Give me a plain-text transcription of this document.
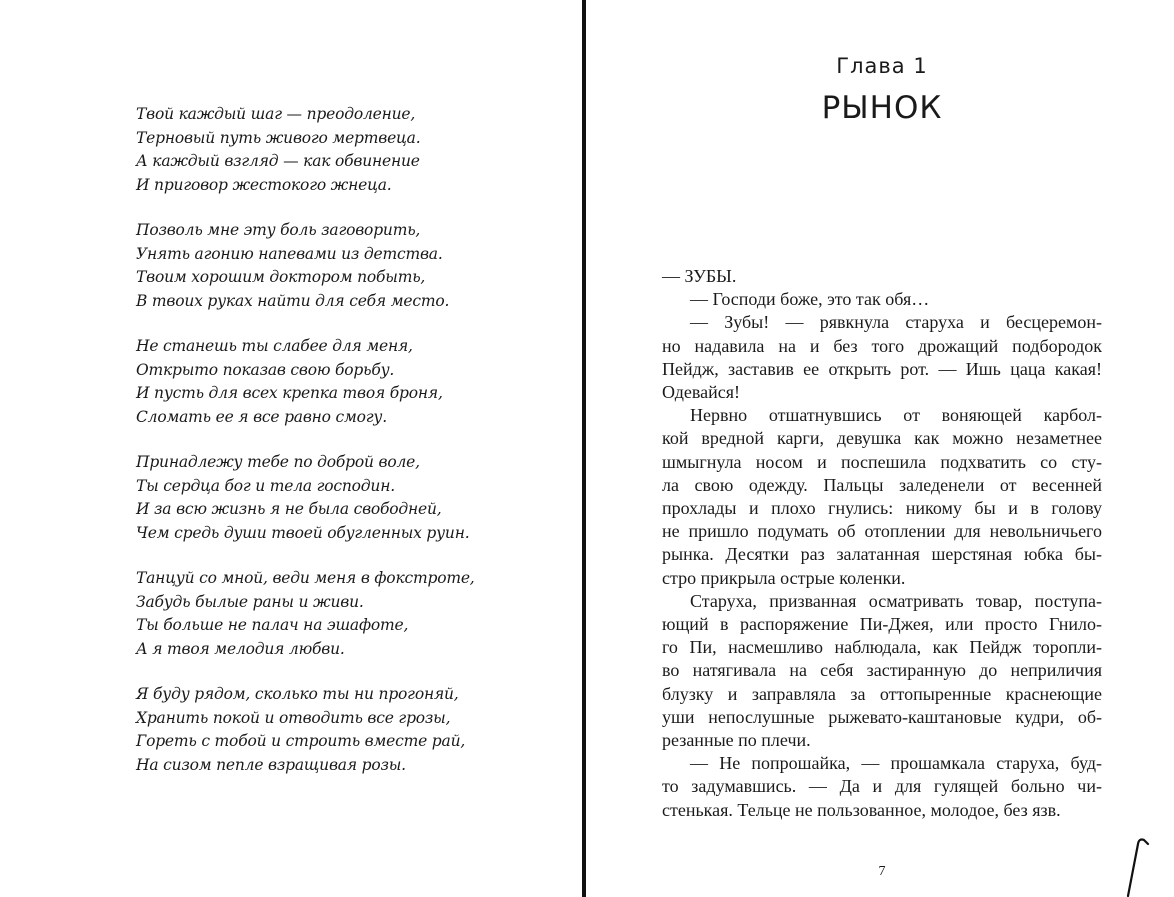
Твой каждый шаг — преодоление,
Терновый путь живого мертвеца.
А каждый взгляд — как обвинение
И приговор жестокого жнеца.
Позволь мне эту боль заговорить,
Унять агонию напевами из детства.
Твоим хорошим доктором побыть,
В твоих руках найти для себя место.
Не станешь ты слабее для меня,
Открыто показав свою борьбу.
И пусть для всех крепка твоя броня,
Сломать ее я все равно смогу.
Принадлежу тебе по доброй воле,
Ты сердца бог и тела господин.
И за всю жизнь я не была свободней,
Чем средь души твоей обугленных руин.
Танцуй со мной, веди меня в фокстроте,
Забудь былые раны и живи.
Ты больше не палач на эшафоте,
А я твоя мелодия любви.
Я буду рядом, сколько ты ни прогоняй,
Хранить покой и отводить все грозы,
Гореть с тобой и строить вместе рай,
На сизом пепле взращивая розы.
Глава 1
РЫНОК
— ЗУБЫ.
— Господи боже, это так обя…
— Зубы! — рявкнула старуха и бесцеремон-
но надавила на и без того дрожащий подбородок
Пейдж, заставив ее открыть рот. — Ишь цаца какая!
Одевайся!
Нервно отшатнувшись от воняющей карбол-
кой вредной карги, девушка как можно незаметнее
шмыгнула носом и поспешила подхватить со сту-
ла свою одежду. Пальцы заледенели от весенней
прохлады и плохо гнулись: никому бы и в голову
не пришло подумать об отоплении для невольничьего
рынка. Десятки раз залатанная шерстяная юбка бы-
стро прикрыла острые коленки.
Старуха, призванная осматривать товар, поступа-
ющий в распоряжение Пи-Джея, или просто Гнило-
го Пи, насмешливо наблюдала, как Пейдж торопли-
во натягивала на себя застиранную до неприличия
блузку и заправляла за оттопыренные краснеющие
уши непослушные рыжевато-каштановые кудри, об-
резанные по плечи.
— Не попрошайка, — прошамкала старуха, буд-
то задумавшись. — Да и для гулящей больно чи-
стенькая. Тельце не пользованное, молодое, без язв.
7
